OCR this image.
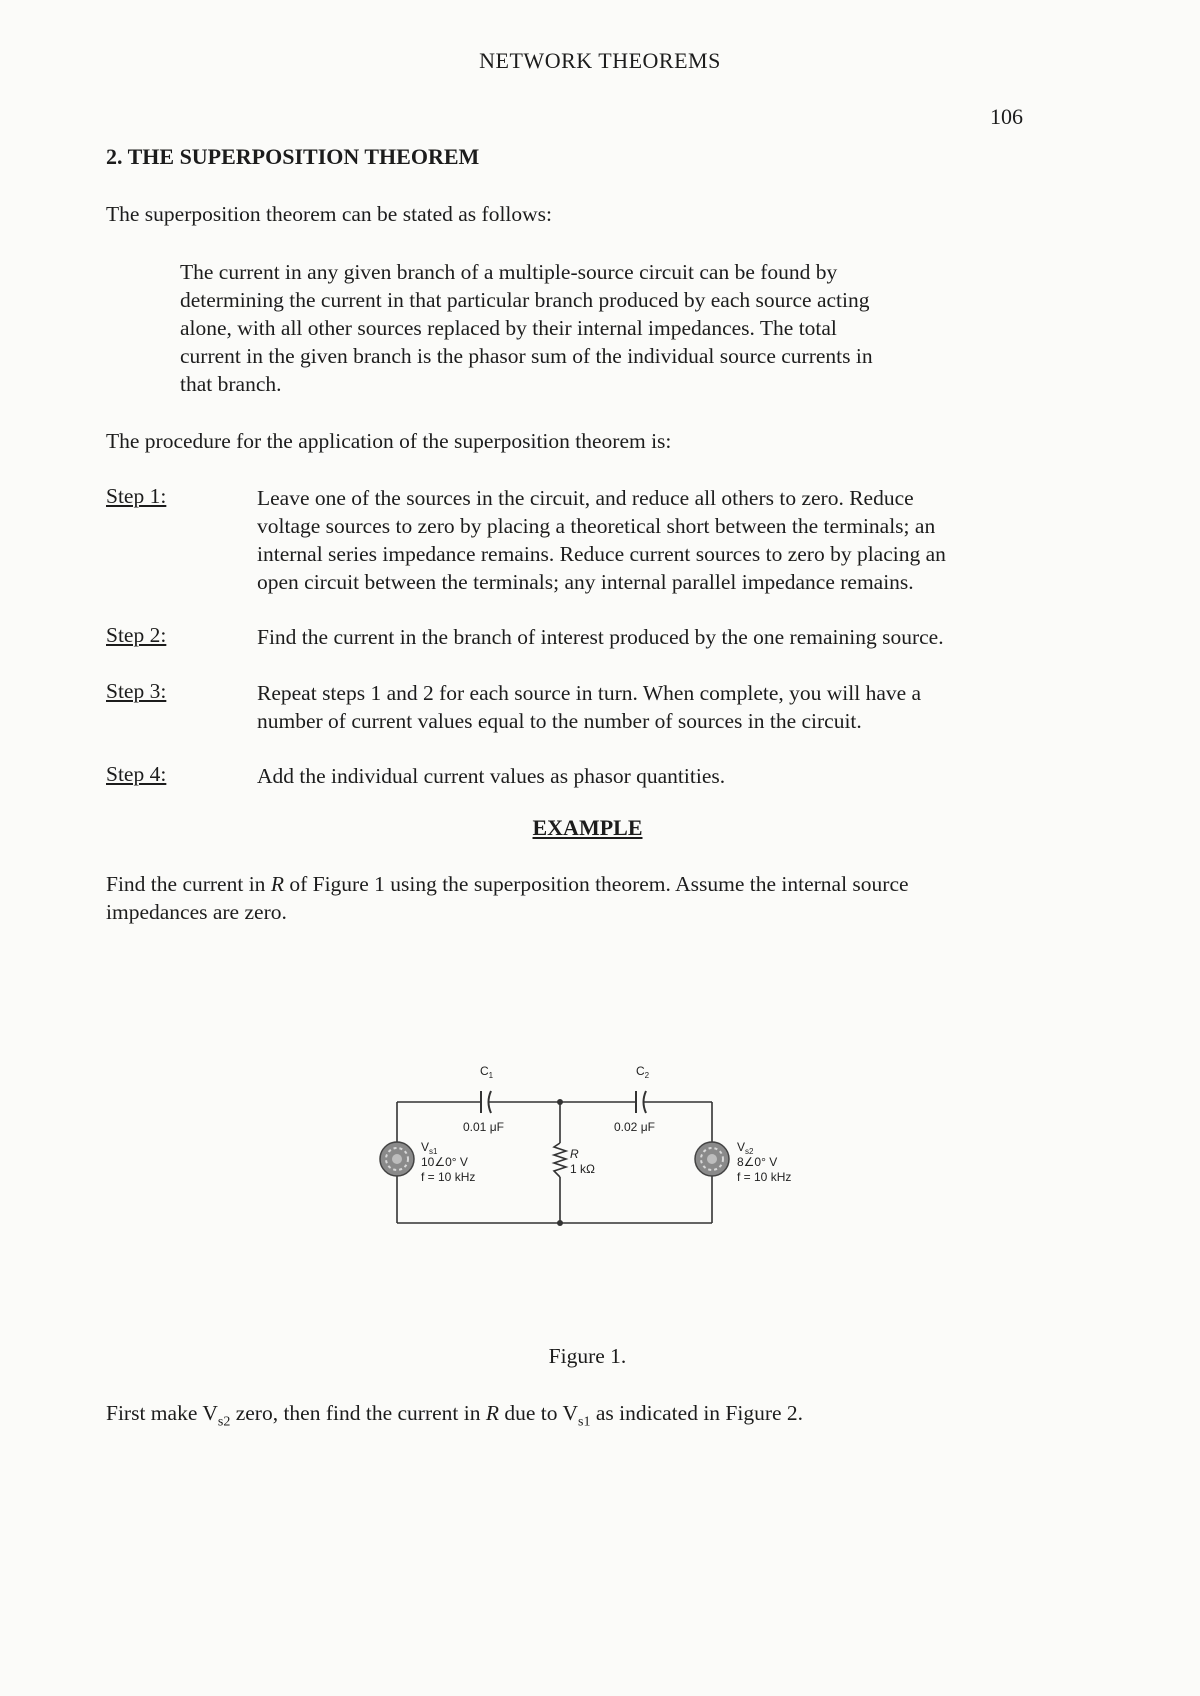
NETWORK THEOREMS
106
2. THE SUPERPOSITION THEOREM
The superposition theorem can be stated as follows:
The current in any given branch of a multiple-source circuit can be found by
determining the current in that particular branch produced by each source acting
alone, with all other sources replaced by their internal impedances. The total
current in the given branch is the phasor sum of the individual source currents in
that branch.
The procedure for the application of the superposition theorem is:
Step 1:	Leave one of the sources in the circuit, and reduce all others to zero. Reduce
voltage sources to zero by placing a theoretical short between the terminals; an
internal series impedance remains. Reduce current sources to zero by placing an
open circuit between the terminals; any internal parallel impedance remains.
Step 2:	Find the current in the branch of interest produced by the one remaining source.
Step 3:	Repeat steps 1 and 2 for each source in turn. When complete, you will have a
number of current values equal to the number of sources in the circuit.
Step 4:	Add the individual current values as phasor quantities.
EXAMPLE
Find the current in R of Figure 1 using the superposition theorem. Assume the internal source
impedances are zero.
$C_1$	$C_2$
0.01 μF	0.02 μF
$V_{s1}$
10∠0° V
f = 10 kHz
R
1 kΩ
$V_{s2}$
8∠0° V
f = 10 kHz
Figure 1.
First make $V_{s2}$ zero, then find the current in R due to $V_{s1}$ as indicated in Figure 2.
